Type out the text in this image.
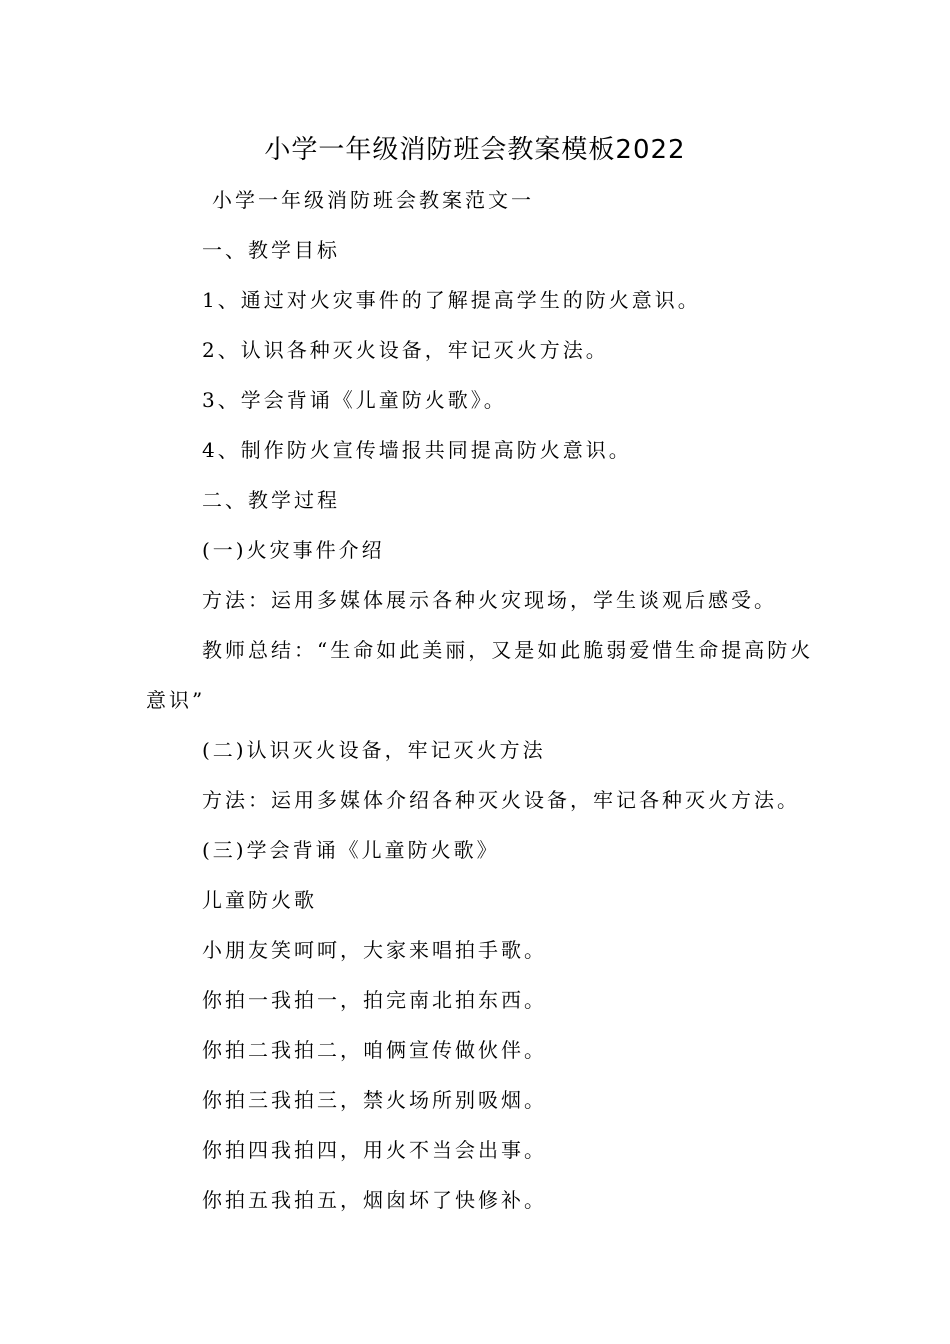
小学一年级消防班会教案模板2022
小学一年级消防班会教案范文一
一、教学目标
1、通过对火灾事件的了解提高学生的防火意识。
2、认识各种灭火设备，牢记灭火方法。
3、学会背诵《儿童防火歌》。
4、制作防火宣传墙报共同提高防火意识。
二、教学过程
(一)火灾事件介绍
方法：运用多媒体展示各种火灾现场，学生谈观后感受。
教师总结：“生命如此美丽，又是如此脆弱爱惜生命提高防火
意识”
(二)认识灭火设备，牢记灭火方法
方法：运用多媒体介绍各种灭火设备，牢记各种灭火方法。
(三)学会背诵《儿童防火歌》
儿童防火歌
小朋友笑呵呵，大家来唱拍手歌。
你拍一我拍一，拍完南北拍东西。
你拍二我拍二，咱俩宣传做伙伴。
你拍三我拍三，禁火场所别吸烟。
你拍四我拍四，用火不当会出事。
你拍五我拍五，烟囱坏了快修补。
